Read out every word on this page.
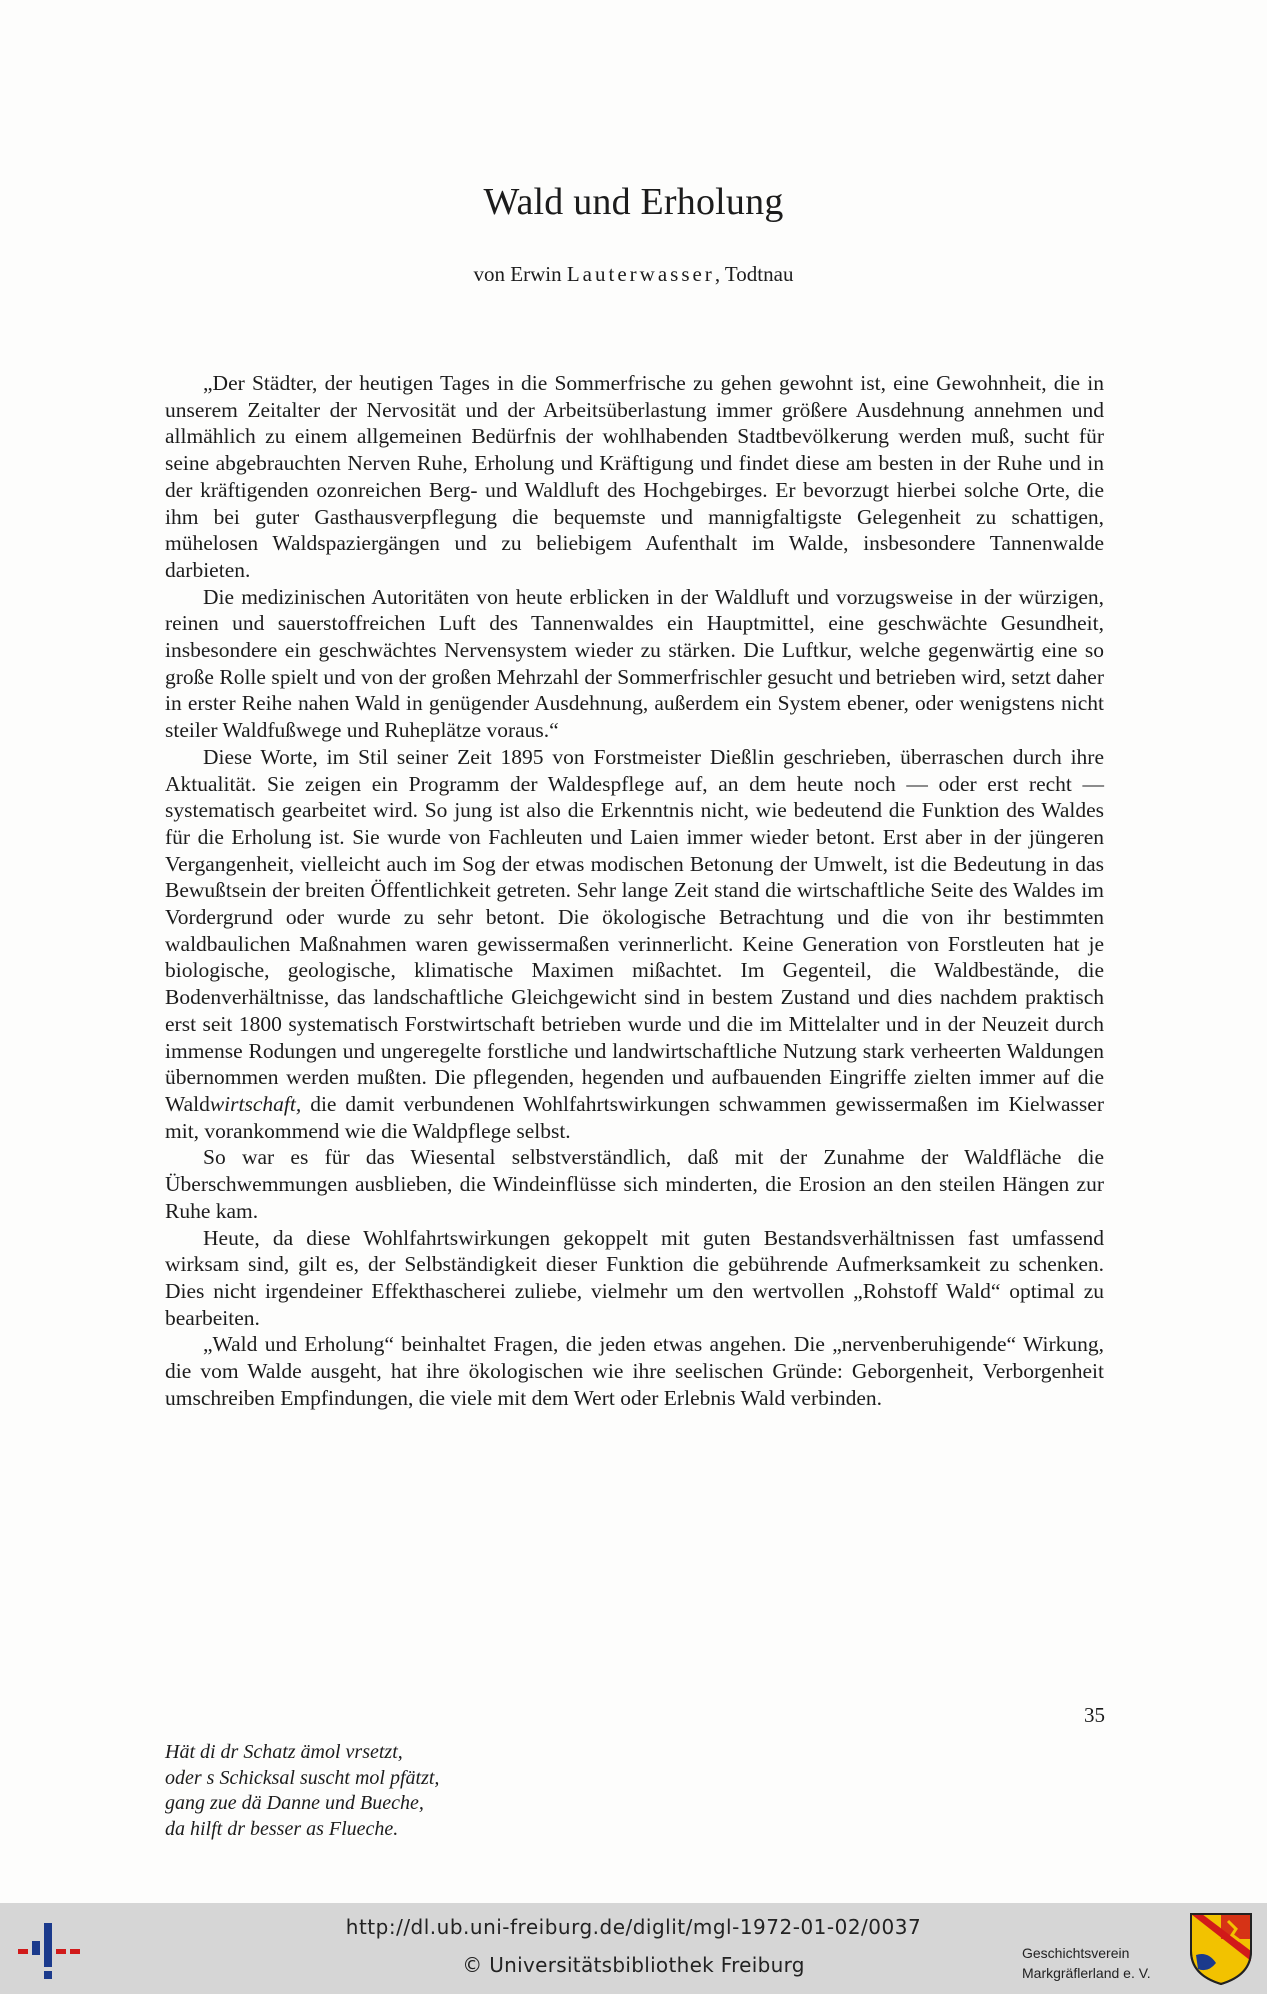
Wald und Erholung
von Erwin Lauterwasser, Todtnau

„Der Städter, der heutigen Tages in die Sommerfrische zu gehen gewohnt ist, eine Gewohnheit, die in unserem Zeitalter der Nervosität und der Arbeitsüberlastung immer größere Ausdehnung annehmen und allmählich zu einem allgemeinen Bedürfnis der wohlhabenden Stadtbevölkerung werden muß, sucht für seine abgebrauchten Nerven Ruhe, Erholung und Kräftigung und findet diese am besten in der Ruhe und in der kräftigenden ozonreichen Berg- und Waldluft des Hochgebirges. Er bevorzugt hierbei solche Orte, die ihm bei guter Gasthausverpflegung die bequemste und mannigfaltigste Gelegenheit zu schattigen, mühelosen Waldspaziergängen und zu beliebigem Aufenthalt im Walde, insbesondere Tannenwalde darbieten.

Die medizinischen Autoritäten von heute erblicken in der Waldluft und vorzugsweise in der würzigen, reinen und sauerstoffreichen Luft des Tannenwaldes ein Hauptmittel, eine geschwächte Gesundheit, insbesondere ein geschwächtes Nervensystem wieder zu stärken. Die Luftkur, welche gegenwärtig eine so große Rolle spielt und von der großen Mehrzahl der Sommerfrischler gesucht und betrieben wird, setzt daher in erster Reihe nahen Wald in genügender Ausdehnung, außerdem ein System ebener, oder wenigstens nicht steiler Waldfußwege und Ruheplätze voraus.“

Diese Worte, im Stil seiner Zeit 1895 von Forstmeister Dießlin geschrieben, überraschen durch ihre Aktualität. Sie zeigen ein Programm der Waldespflege auf, an dem heute noch — oder erst recht — systematisch gearbeitet wird. So jung ist also die Erkenntnis nicht, wie bedeutend die Funktion des Waldes für die Erholung ist. Sie wurde von Fachleuten und Laien immer wieder betont. Erst aber in der jüngeren Vergangenheit, vielleicht auch im Sog der etwas modischen Betonung der Umwelt, ist die Bedeutung in das Bewußtsein der breiten Öffentlichkeit getreten. Sehr lange Zeit stand die wirtschaftliche Seite des Waldes im Vordergrund oder wurde zu sehr betont. Die ökologische Betrachtung und die von ihr bestimmten waldbaulichen Maßnahmen waren gewissermaßen verinnerlicht. Keine Generation von Forstleuten hat je biologische, geologische, klimatische Maximen mißachtet. Im Gegenteil, die Waldbestände, die Bodenverhältnisse, das landschaftliche Gleichgewicht sind in bestem Zustand und dies nachdem praktisch erst seit 1800 systematisch Forstwirtschaft betrieben wurde und die im Mittelalter und in der Neuzeit durch immense Rodungen und ungeregelte forstliche und landwirtschaftliche Nutzung stark verheerten Waldungen übernommen werden mußten. Die pflegenden, hegenden und aufbauenden Eingriffe zielten immer auf die Waldwirtschaft, die damit verbundenen Wohlfahrtswirkungen schwammen gewissermaßen im Kielwasser mit, vorankommend wie die Waldpflege selbst.

So war es für das Wiesental selbstverständlich, daß mit der Zunahme der Waldfläche die Überschwemmungen ausblieben, die Windeinflüsse sich minderten, die Erosion an den steilen Hängen zur Ruhe kam.

Heute, da diese Wohlfahrtswirkungen gekoppelt mit guten Bestandsverhältnissen fast umfassend wirksam sind, gilt es, der Selbständigkeit dieser Funktion die gebührende Aufmerksamkeit zu schenken. Dies nicht irgendeiner Effekthascherei zuliebe, vielmehr um den wertvollen „Rohstoff Wald“ optimal zu bearbeiten.

„Wald und Erholung“ beinhaltet Fragen, die jeden etwas angehen. Die „nervenberuhigende“ Wirkung, die vom Walde ausgeht, hat ihre ökologischen wie ihre seelischen Gründe: Geborgenheit, Verborgenheit umschreiben Empfindungen, die viele mit dem Wert oder Erlebnis Wald verbinden.

35
Hät di dr Schatz ämol vrsetzt,
oder s Schicksal suscht mol pfätzt,
gang zue dä Danne und Bueche,
da hilft dr besser as Flueche.
http://dl.ub.uni-freiburg.de/diglit/mgl-1972-01-02/0037
© Universitätsbibliothek Freiburg	Geschichtsverein
Markgräflerland e. V.
